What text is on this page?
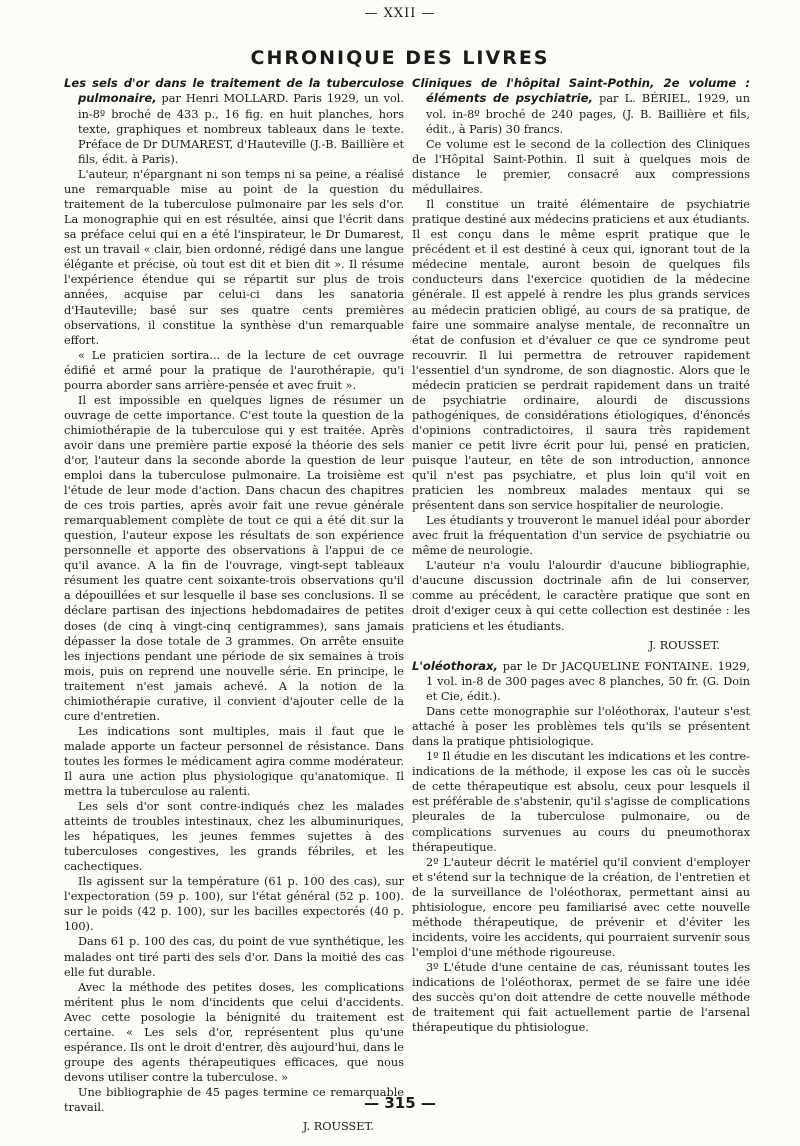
— XXII —
CHRONIQUE DES LIVRES

Les sels d'or dans le traitement de la tuberculose pulmonaire, par Henri MOLLARD. Paris 1929, un vol. in-8º broché de 433 p., 16 fig. en huit planches, hors texte, graphiques et nombreux tableaux dans le texte. Préface de Dr DUMAREST, d'Hauteville (J.-B. Baillière et fils, édit. à Paris).

L'auteur, n'épargnant ni son temps ni sa peine, a réalisé une remarquable mise au point de la question du traitement de la tuberculose pulmonaire par les sels d'or. La monographie qui en est résultée, ainsi que l'écrit dans sa préface celui qui en a été l'inspirateur, le Dr Dumarest, est un travail « clair, bien ordonné, rédigé dans une langue élégante et précise, où tout est dit et bien dit ». Il résume l'expérience étendue qui se répartit sur plus de trois années, acquise par celui-ci dans les sanatoria d'Hauteville; basé sur ses quatre cents premières observations, il constitue la synthèse d'un remarquable effort.

« Le praticien sortira... de la lecture de cet ouvrage édifié et armé pour la pratique de l'aurothérapie, qu'i pourra aborder sans arrière-pensée et avec fruit ».

Il est impossible en quelques lignes de résumer un ouvrage de cette importance. C'est toute la question de la chimiothérapie de la tuberculose qui y est traitée. Après avoir dans une première partie exposé la théorie des sels d'or, l'auteur dans la seconde aborde la question de leur emploi dans la tuberculose pulmonaire. La troisième est l'étude de leur mode d'action. Dans chacun des chapitres de ces trois parties, après avoir fait une revue générale remarquablement complète de tout ce qui a été dit sur la question, l'auteur expose les résultats de son expérience personnelle et apporte des observations à l'appui de ce qu'il avance. A la fin de l'ouvrage, vingt-sept tableaux résument les quatre cent soixante-trois observations qu'il a dépouillées et sur lesquelle il base ses conclusions. Il se déclare partisan des injections hebdomadaires de petites doses (de cinq à vingt-cinq centigrammes), sans jamais dépasser la dose totale de 3 grammes. On arrête ensuite les injections pendant une période de six semaines à trois mois, puis on reprend une nouvelle série. En principe, le traitement n'est jamais achevé. A la notion de la chimiothérapie curative, il convient d'ajouter celle de la cure d'entretien.

Les indications sont multiples, mais il faut que le malade apporte un facteur personnel de résistance. Dans toutes les formes le médicament agira comme modérateur. Il aura une action plus physiologique qu'anatomique. Il mettra la tuberculose au ralenti.

Les sels d'or sont contre-indiqués chez les malades atteints de troubles intestinaux, chez les albuminuriques, les hépatiques, les jeunes femmes sujettes à des tuberculoses congestives, les grands fébriles, et les cachectiques.

Ils agissent sur la température (61 p. 100 des cas), sur l'expectoration (59 p. 100), sur l'état général (52 p. 100). sur le poids (42 p. 100), sur les bacilles expectorés (40 p. 100).

Dans 61 p. 100 des cas, du point de vue synthétique, les malades ont tiré parti des sels d'or. Dans la moitié des cas elle fut durable.

Avec la méthode des petites doses, les complications méritent plus le nom d'incidents que celui d'accidents. Avec cette posologie la bénignité du traitement est certaine. « Les sels d'or, représentent plus qu'une espérance. Ils ont le droit d'entrer, dès aujourd'hui, dans le groupe des agents thérapeutiques efficaces, que nous devons utiliser contre la tuberculose. »

Une bibliographie de 45 pages termine ce remarquable travail.

J. ROUSSET.

Cliniques de l'hôpital Saint-Pothin, 2e volume : éléments de psychiatrie, par L. BÉRIEL, 1929, un vol. in-8º broché de 240 pages, (J. B. Baillière et fils, édit., à Paris) 30 francs.

Ce volume est le second de la collection des Cliniques de l'Hôpital Saint-Pothin. Il suit à quelques mois de distance le premier, consacré aux compressions médullaires.

Il constitue un traité élémentaire de psychiatrie pratique destiné aux médecins praticiens et aux étudiants. Il est conçu dans le même esprit pratique que le précédent et il est destiné à ceux qui, ignorant tout de la médecine mentale, auront besoin de quelques fils conducteurs dans l'exercice quotidien de la médecine générale. Il est appelé à rendre les plus grands services au médecin praticien obligé, au cours de sa pratique, de faire une sommaire analyse mentale, de reconnaître un état de confusion et d'évaluer ce que ce syndrome peut recouvrir. Il lui permettra de retrouver rapidement l'essentiel d'un syndrome, de son diagnostic. Alors que le médecin praticien se perdrait rapidement dans un traité de psychiatrie ordinaire, alourdi de discussions pathogéniques, de considérations étiologiques, d'énoncés d'opinions contradictoires, il saura très rapidement manier ce petit livre écrit pour lui, pensé en praticien, puisque l'auteur, en tête de son introduction, annonce qu'il n'est pas psychiatre, et plus loin qu'il voit en praticien les nombreux malades mentaux qui se présentent dans son service hospitalier de neurologie.

Les étudiants y trouveront le manuel idéal pour aborder avec fruit la fréquentation d'un service de psychiatrie ou même de neurologie.

L'auteur n'a voulu l'alourdir d'aucune bibliographie, d'aucune discussion doctrinale afin de lui conserver, comme au précédent, le caractère pratique que sont en droit d'exiger ceux à qui cette collection est destinée : les praticiens et les étudiants.

J. ROUSSET.

L'oléothorax, par le Dr JACQUELINE FONTAINE. 1929, 1 vol. in-8 de 300 pages avec 8 planches, 50 fr. (G. Doin et Cie, édit.).

Dans cette monographie sur l'oléothorax, l'auteur s'est attaché à poser les problèmes tels qu'ils se présentent dans la pratique phtisiologique.

1º Il étudie en les discutant les indications et les contre-indications de la méthode, il expose les cas où le succès de cette thérapeutique est absolu, ceux pour lesquels il est préférable de s'abstenir, qu'il s'agisse de complications pleurales de la tuberculose pulmonaire, ou de complications survenues au cours du pneumothorax thérapeutique.

2º L'auteur décrit le matériel qu'il convient d'employer et s'étend sur la technique de la création, de l'entretien et de la surveillance de l'oléothorax, permettant ainsi au phtisiologue, encore peu familiarisé avec cette nouvelle méthode thérapeutique, de prévenir et d'éviter les incidents, voire les accidents, qui pourraient survenir sous l'emploi d'une méthode rigoureuse.

3º L'étude d'une centaine de cas, réunissant toutes les indications de l'oléothorax, permet de se faire une idée des succès qu'on doit attendre de cette nouvelle méthode de traitement qui fait actuellement partie de l'arsenal thérapeutique du phtisiologue.

— 315 —
